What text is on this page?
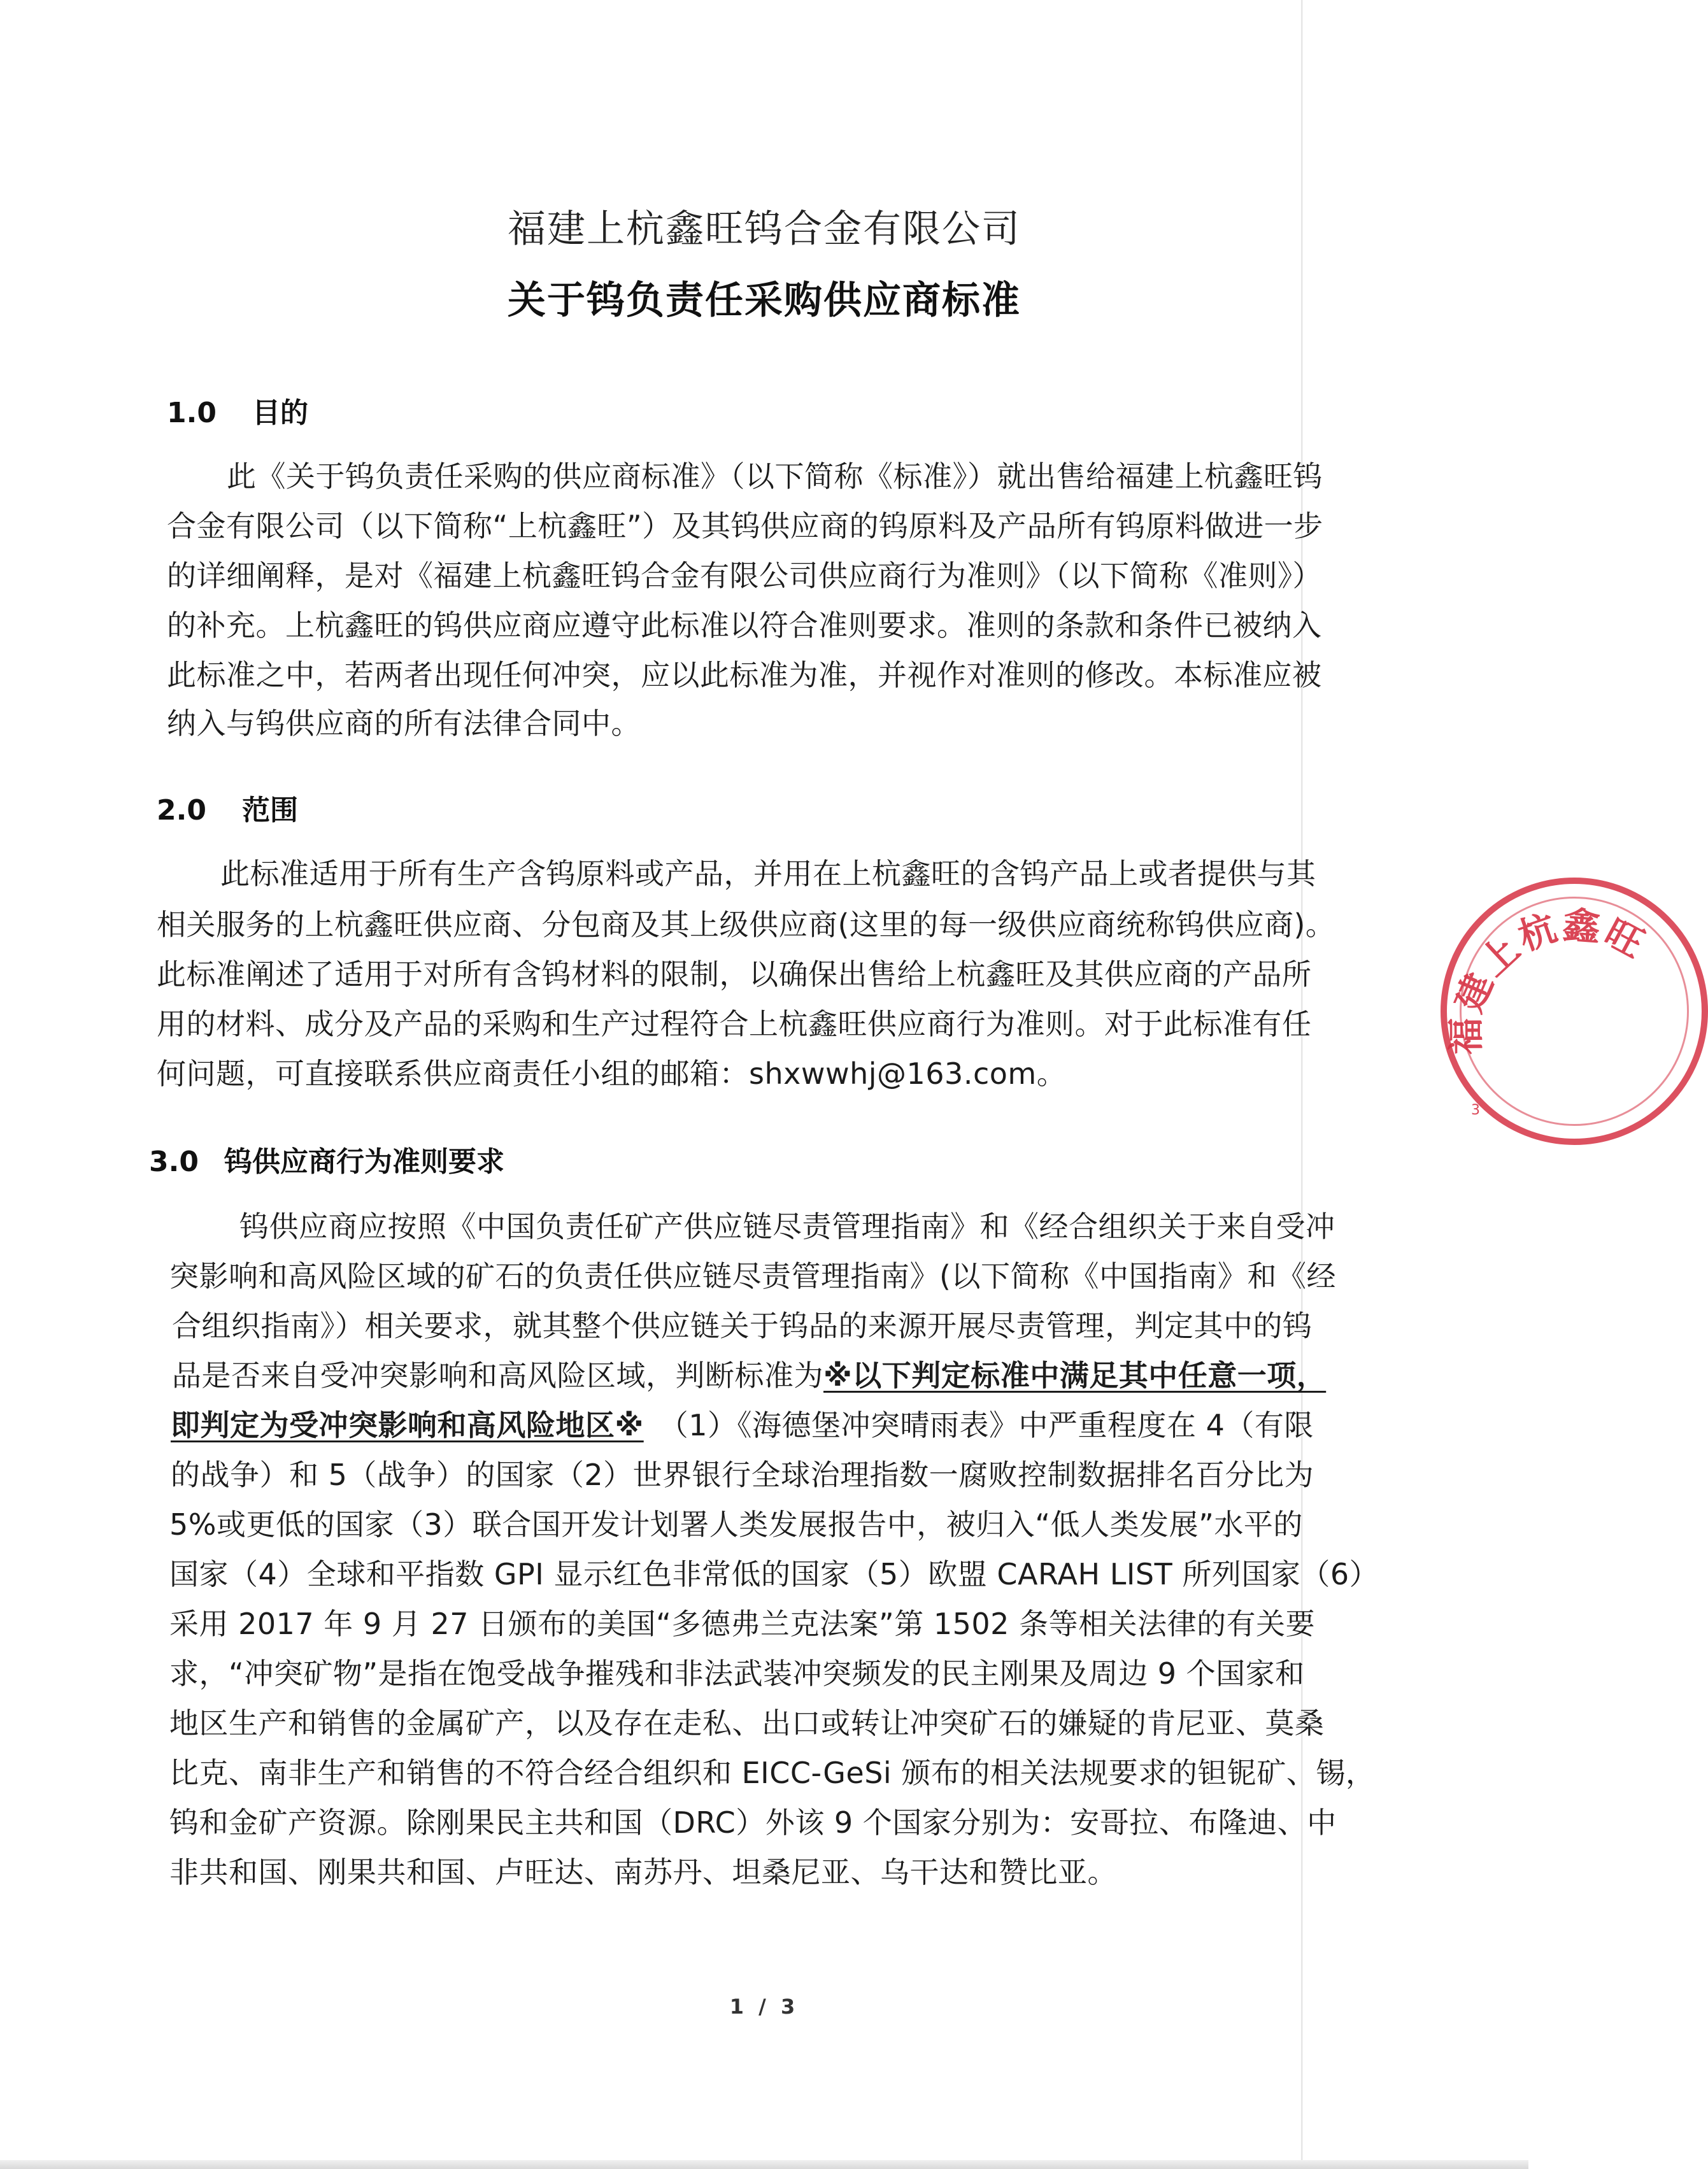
福建上杭鑫旺钨合金有限公司
关于钨负责任采购供应商标准
1.0 目的
此《关于钨负责任采购的供应商标准》（以下简称《标准》）就出售给福建上杭鑫旺钨
合金有限公司（以下简称“上杭鑫旺”）及其钨供应商的钨原料及产品所有钨原料做进一步
的详细阐释，是对《福建上杭鑫旺钨合金有限公司供应商行为准则》（以下简称《准则》）
的补充。上杭鑫旺的钨供应商应遵守此标准以符合准则要求。准则的条款和条件已被纳入
此标准之中，若两者出现任何冲突，应以此标准为准，并视作对准则的修改。本标准应被
纳入与钨供应商的所有法律合同中。
2.0 范围
此标准适用于所有生产含钨原料或产品，并用在上杭鑫旺的含钨产品上或者提供与其
相关服务的上杭鑫旺供应商、分包商及其上级供应商(这里的每一级供应商统称钨供应商)。
此标准阐述了适用于对所有含钨材料的限制，以确保出售给上杭鑫旺及其供应商的产品所
用的材料、成分及产品的采购和生产过程符合上杭鑫旺供应商行为准则。对于此标准有任
何问题，可直接联系供应商责任小组的邮箱：shxwwhj@163.com。
3.0 钨供应商行为准则要求
钨供应商应按照《中国负责任矿产供应链尽责管理指南》和《经合组织关于来自受冲
突影响和高风险区域的矿石的负责任供应链尽责管理指南》(以下简称《中国指南》和《经
合组织指南》）相关要求，就其整个供应链关于钨品的来源开展尽责管理，判定其中的钨
品是否来自受冲突影响和高风险区域，判断标准为※以下判定标准中满足其中任意一项，
即判定为受冲突影响和高风险地区※ （1）《海德堡冲突晴雨表》中严重程度在 4（有限
的战争）和 5（战争）的国家（2）世界银行全球治理指数一腐败控制数据排名百分比为
5%或更低的国家（3）联合国开发计划署人类发展报告中，被归入“低人类发展”水平的
国家（4）全球和平指数 GPI 显示红色非常低的国家（5）欧盟 CARAH LIST 所列国家（6）
采用 2017 年 9 月 27 日颁布的美国“多德弗兰克法案”第 1502 条等相关法律的有关要
求，“冲突矿物”是指在饱受战争摧残和非法武装冲突频发的民主刚果及周边 9 个国家和
地区生产和销售的金属矿产，以及存在走私、出口或转让冲突矿石的嫌疑的肯尼亚、莫桑
比克、南非生产和销售的不符合经合组织和 EICC-GeSi 颁布的相关法规要求的钽铌矿、锡，
钨和金矿产资源。除刚果民主共和国（DRC）外该 9 个国家分别为：安哥拉、布隆迪、中
非共和国、刚果共和国、卢旺达、南苏丹、坦桑尼亚、乌干达和赞比亚。
1 / 3
福建上杭鑫旺
3
